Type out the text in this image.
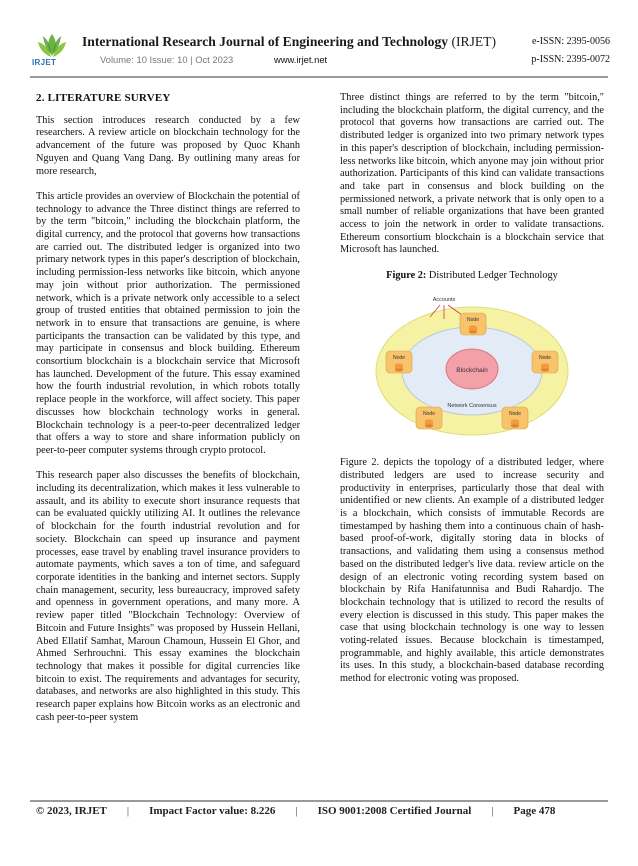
IRJET
International Research Journal of Engineering and Technology (IRJET)	e-ISSN: 2395-0056
Volume: 10 Issue: 10 | Oct 2023	www.irjet.net	p-ISSN: 2395-0072
2. LITERATURE SURVEY

This section introduces research conducted by a few researchers. A review article on blockchain technology for the advancement of the future was proposed by Quoc Khanh Nguyen and Quang Vang Dang. By outlining many areas for more research,

This article provides an overview of Blockchain the potential of technology to advance the Three distinct things are referred to by the term "bitcoin," including the blockchain platform, the digital currency, and the protocol that governs how transactions are carried out. The distributed ledger is organized into two primary network types in this paper's description of blockchain, including permission-less networks like bitcoin, which anyone may join without prior authorization. The permissioned network, which is a private network only accessible to a select group of trusted entities that obtained permission to join the network in to ensure that transactions are genuine, is where participants the transaction can be validated by this type, and may participate in consensus and block building. Ethereum consortium blockchain is a blockchain service that Microsoft has launched. Development of the future. This essay examined how the fourth industrial revolution, in which robots totally replace people in the workforce, will affect society. This paper discusses how blockchain technology works in general. Blockchain technology is a peer-to-peer decentralized ledger that offers a way to store and share information publicly on peer-to-peer computer systems through crypto protocol.

This research paper also discusses the benefits of blockchain, including its decentralization, which makes it less vulnerable to assault, and its ability to execute short insurance requests that can be evaluated quickly utilizing AI. It outlines the relevance of blockchain for the fourth industrial revolution and for society. Blockchain can speed up insurance and payment processes, ease travel by enabling travel insurance providers to automate payments, which saves a ton of time, and safeguard corporate identities in the banking and internet sectors. Supply chain management, security, less bureaucracy, improved safety and openness in government operations, and many more. A review paper titled "Blockchain Technology: Overview of Bitcoin and Future Insights" was proposed by Hussein Hellani, Abed Ellatif Samhat, Maroun Chamoun, Hussein El Ghor, and Ahmed Serhrouchni. This essay examines the blockchain technology that makes it possible for digital currencies like bitcoin to exist. The requirements and advantages for security, databases, and networks are also highlighted in this study. This research paper explains how Bitcoin works as an electronic and cash peer-to-peer system

Three distinct things are referred to by the term "bitcoin," including the blockchain platform, the digital currency, and the protocol that governs how transactions are carried out. The distributed ledger is organized into two primary network types in this paper's description of blockchain, including permission-less networks like bitcoin, which anyone may join without prior authorization. Participants of this kind can validate transactions and take part in consensus and block building on the permissioned network, a private network that is only open to a small number of reliable organizations that have been granted access to join the network in order to validate transactions. Ethereum consortium blockchain is a blockchain service that Microsoft has launched.

Figure 2: Distributed Ledger Technology
Blockchain
Network Consensus
Accounts
Node
Node	Node
Node	Node

Figure 2. depicts the topology of a distributed ledger, where distributed ledgers are used to increase security and productivity in enterprises, particularly those that deal with unidentified or new clients. An example of a distributed ledger is a blockchain, which consists of immutable Records are timestamped by hashing them into a continuous chain of hash-based proof-of-work, digitally storing data in blocks of transactions, and validating them using a consensus method based on the distributed ledger's live data. review article on the design of an electronic voting recording system based on blockchain by Rifa Hanifatunnisa and Budi Rahardjo. The blockchain technology that is utilized to record the results of every election is discussed in this study. This paper makes the case that using blockchain technology is one way to lessen voting-related issues. Because blockchain is timestamped, programmable, and highly available, this article demonstrates its uses. In this study, a blockchain-based database recording method for electronic voting was proposed.

© 2023, IRJET | Impact Factor value: 8.226 | ISO 9001:2008 Certified Journal | Page 478
